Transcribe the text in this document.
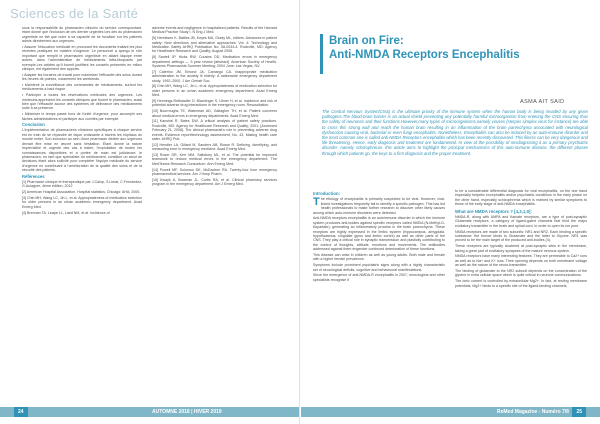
Sciences de la Santé

sous la responsabilité du pharmacien clinicien du service correspondant. étant donné que l'inclusion de ces dernier urgentes lors des du pharmacien urgentiste ne fait que nuire à sa capacité de se focaliser sur les patients admis directement aux urgences.

• Assurer l'éducation médicale en procurant les documents traitant les plus récentes pratiques en matière d'urgence. Le personnel a apergu le rôle important que remplit le pharmacien urgentiste en aidant lâquipe entre autres, dans l'administration de médicaments bêta-bloquants par exemple.Les articles qu'il fournit justifient les conseils présentés en milieu clinique, ent également des apports.

• Adapter les horaires de travail pour maximiser l'efficacité des soins durant les heures de pointes, notamment les weekends.

• Maintenir la surveillance des commandes de médicaments, surtout les médicaments à haut risque.

• Participer à toutes les réservations médicales des urgences. Les médecins apprécient les conseils cliniques que fournit le pharmacien, aussi bien que l'efficacité accrue des systèmes de délivrance des médicaments suite à sa présence.

• Minimiser le temps passé hors de l'unité d'urgence, pour accomplir ses tâches administratives et participer aux comités par exemple.

Conclusion

L'implémentation de pharmaciens cliniciens spécifiques à chaque service est en train de se répandre de façon croissante à travers les hôpitaux du monde entier. Son inclusion au sein d'une pharmacie dédiée aux urgences devrait être mise en œuvre sans hésitation. Étant donné la nature imprévisible et urgente des cas à traiter, l'exploitation de toutes les connaissances disponibles et a portée de main est judicieuse: le pharmacien, en tant que spécialiste du médicament, constitue un atout de décisions étant alors sollicité pour compléter l'équipe médicale du service d'urgence en contribuant à l'amélioration de la qualité des soins et de la sécurité des patients.

Références

[1] Pharmacie clinique et thérapeutique par J.Calop, S.Limat, C.Fernandez, G.Aulagner, 4ème édition, 2012

[2] American Hospital Association. Hospital statistics. Chicago: AHA; 2000.

[3] Chin MH, Wang LC, Jin L, et al. Appropriateness of medication selection for older persons in an urban academic emergency department. Acad Emerg Med.

[4] Brennan TA, Leape LL, Laird NM, et al. Incidence of

adverse events and negligence in hospitalized patients. Results of the Harvard Medical Practice Study I. N Eng J Med.

[5] Henriksen K, Battles JB, Keyes MA, Grady ML, editors. Advances in patient safety: New directions and alternative approaches. Vol. 4: Technology and Medication Safety AHRQ Publication No. 08-0034-4. Rockville, MD: Agency for Healthcare Research and Quality; August 2008.

[6] Santell JP, Hicks RW, Cousins DD. Medication errors in emergency department settings — 5 year review [abstract]. American Society of Health-Systems Pharmacists Summer Meeting; 2004 June; Las Vegas, NV.

[7] Caterino JM, Emond JA, Camargo CA. Inappropriate medication administration to the acutely ill elderly: A nationwide emergency department study, 1992–2000. J Am Geriatr Soc.

[8] Chin MH, Wang LC, Jin L, et al. Appropriateness of medication selection for older persons in an urban academic emergency department. Acad Emerg Med.

[9] Hennings-Rettstadler D, Blachinger S, Ulmer H, et al. Incidence and risk of potential adverse drug interactions in the emergency room. Resuscitation.

[10] Bourroughs TE, Waterman AD, Gallagher TH, et al. Patient concerns about medical errors in emergency departments. Acad Emerg Med.

[11] Kaushal R, Bates DW. A critical analysis of patient safety practices. Rockville, MD: Agency for Healthcare Research and Quality; 2001. [Accessed February 21, 2008]. The clinical pharmacist's role in preventing adverse drug events. Evidence report/technology assessment, No. 43, Making health care safer. AHRQ Pub.

[12] Hendler LA, Gillard M, Sanders AB, Rosse R. Defining, identifying, and measuring error in emergency medicine. Acad Emerg Med.

[13] Roser DR, Kerr MM, Salisbury ML, et al. The potential for improved teamwork to reduce medical errors in the emergency department. The MedTeams Research Consortium. Ann Emerg Med.

[14] Powell MF, Solomon DK, McEachen RA. Twenty-four hour emergency pharmaceutical services. Am J Hosp Pharm.

[15] Kwayk A, Bowman JL, Curtis RA, et al. Clinical pharmacy services program in the emergency department. Am J Emerg Med.

Brain on Fire:
Anti-NMDA Receptors Encephalitis
ASMA AIT SAID
The Central Nervous System(CNS) is the ultimate priority of the immune system when the human body is being invaded by any given pathogens.The blood-brain barrier is an actual shield preventing any potentially harmful microorganism from entering the CNS ensuring thus the safety of neurones and their functions.However,many types of microorganisms,namely viruses (Herpes simplex virus for instance) are able to cross this strong wall and reach the human brain resulting in an inflammation of the brain parenchyma associated with neurological dysfunction causing viral, bacterial or even fungi encephalitis. Nonetheless, Encephalitis can also be induced by an auto-immune disorder and the most common one is called anti-NMDA Receptors encephalitis which has been recently discovered. This illness can be very dangerous and life threatening. Hence, early diagnosis and treatment are fundamental. In view of the possibility of misdiagnosing it as a primary psychiatric disorder -namely schizophrenia- this article aims to highlight the principal mechanisms of this auto-immune disease, the different phases through which patients go, the keys to a firm diagnosis and the proper treatment.
Introduction:

The etiology of encephalitis is primarily suspected to be viral. However, viral-linked investigations frequently fail to identify a specific pathogen. This has led health professionals to make further research to discover other likely causes among which auto-immune disorders were detected.

Anti-NMDA receptors encephalitis is an autoimmune disorder in which the immune system produces anti-bodies against specific receptors called NMDA (N-Methyl-D-Aspartate); generating an inflammatory process in the brain parenchyma. These receptors are highly expressed in the limbic system (hippocampus, amygdala, hypothalamus, cingulate gyrus and limbic cortex) as well as other parts of the CNS. They play a critical role in synaptic transmission and plasticity contributing to the control of thoughts, attitude, emotions and movements. The antibodies addressed against them engender continued deterioration of these functions.

This disease can arise in children as well as young adults. Both male and female with a higher female prevalence.

Symptoms include prominent psychiatric signs along with a highly characteristic set of neurological deficits, cognitive and behavioural manifestations.

Since the emergence of anti-NMDA-R encephalitis in 2007, neurologists and other specialists recognise it

to be a considerable differential diagnosis for viral encephalitis, on the one hand especially herpetic encephalitis and/or psychiatric conditions in the early phase on the other hand, especially schizophrenia which is marked by similar symptoms to those of the early stage of anti-NMDA encephalitis.

What are NMDA receptors ? [4,3,1,0]:

NMDA-R, along with AMPA and Kainate receptors, are a type of post-synaptic Glutamate receptors, a category of ligand-gated channels that bind the major excitatory transmitter in the brain and spinal cord, in order to open its ion pore.

NMDA receptors are made of two subunits: NR1 and NR2. Each binding a specific substance: the former binds to Glutamate and the latter to Glycine. NR1 was proved to be the main target of the produced anti-bodies (4).

These receptors are typically clustered at post-synaptic sites in the membrane, taking a great part of excitatory synapses of the mature nervous system.

NMDA receptors have many interesting features. They are permeable to Ca2+ ions as well as to Na+ and K+ ions. Their opening depends on both membrane voltage as well as the nature of the neuro-transmitter.

The binding of glutamate to the NR2 subunit depends on the concentration of the glycine in extra cellular space which is quite critical in neurone communications.

The ionic current is controlled by extracellular Mg2+. In fact, at resting membrane potentials, Mg2+ binds to a specific site of the ligand-binding channels,

24	AUTOMNE 2018 | HIVER 2019	ReMed Magazine - Numéro 7/8	25
